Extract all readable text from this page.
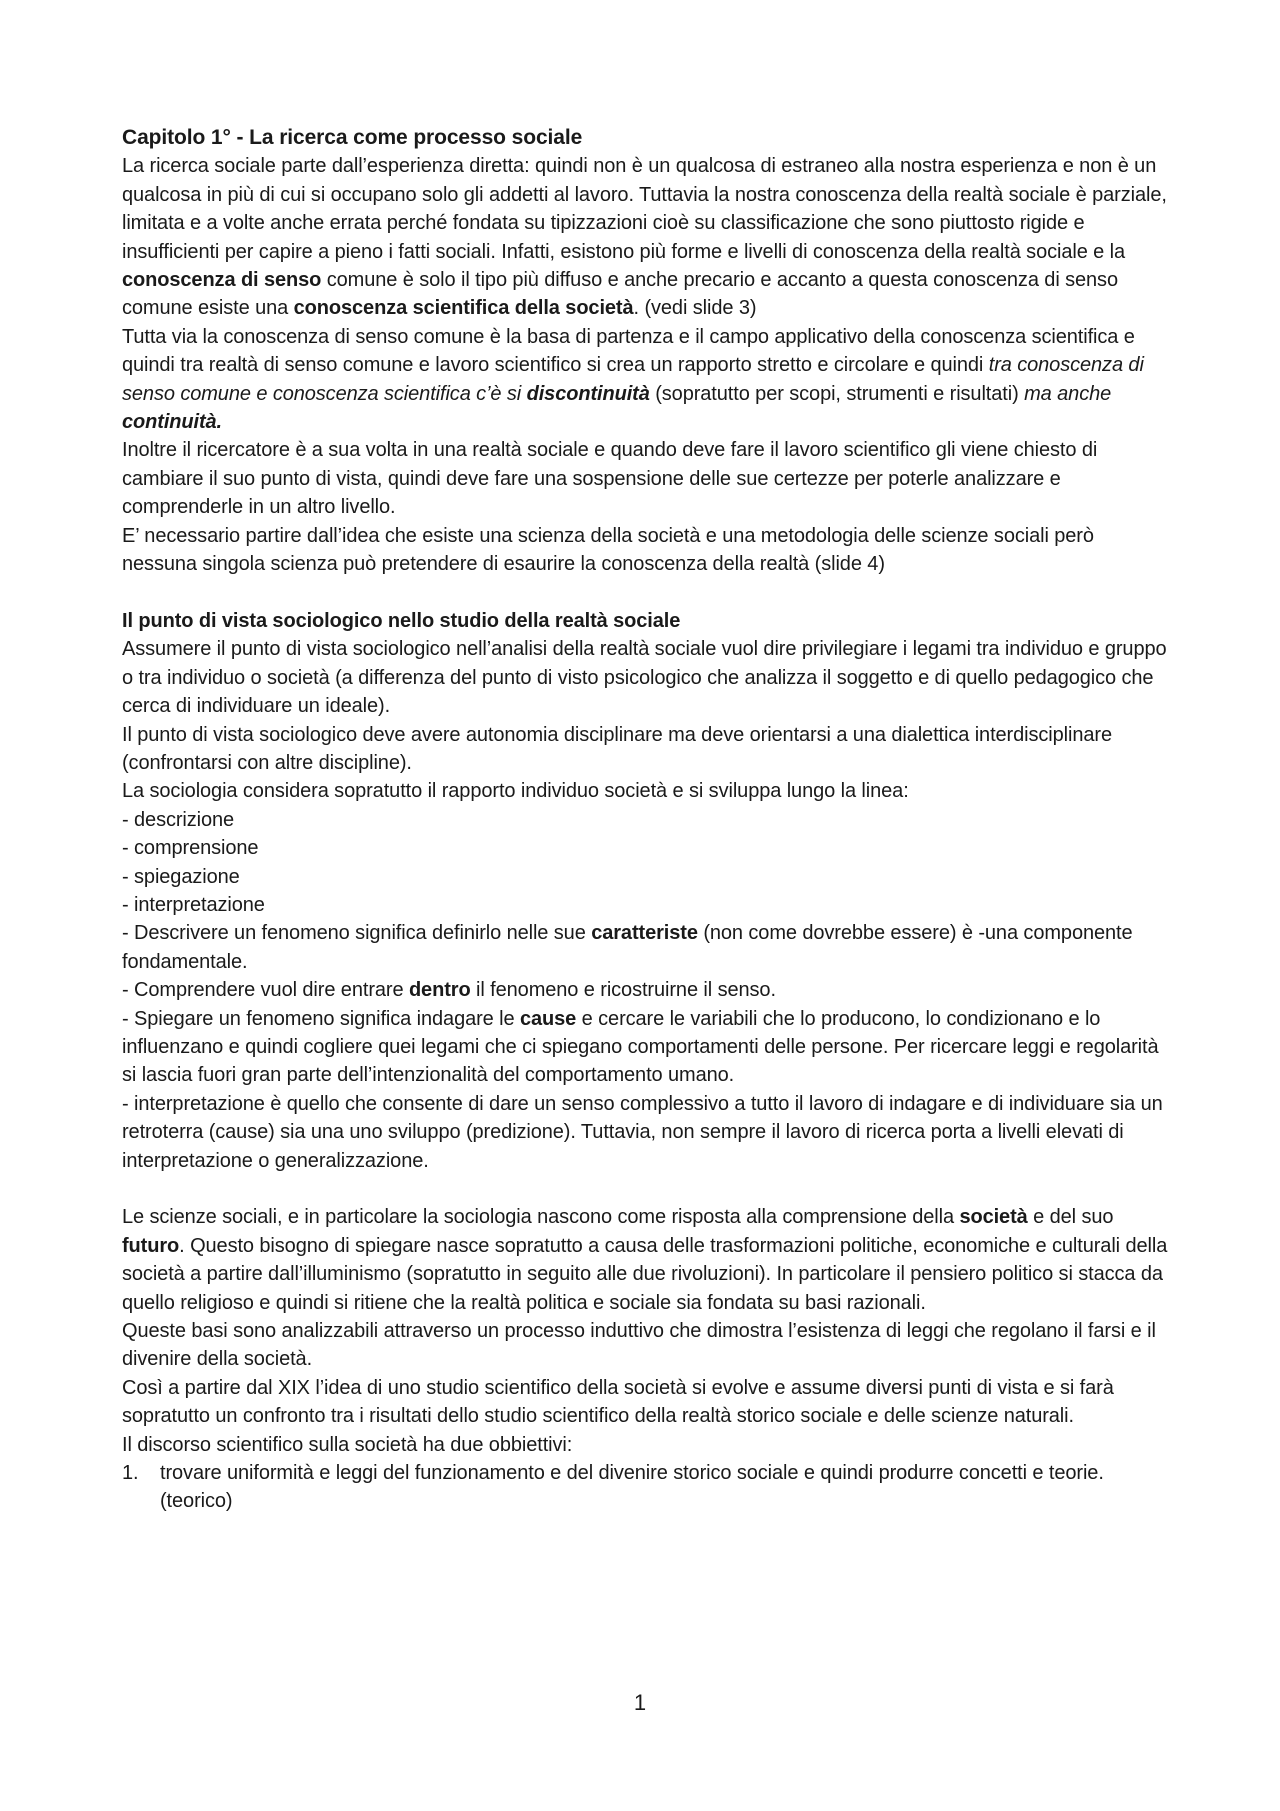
Capitolo 1° - La ricerca come processo sociale

La ricerca sociale parte dall’esperienza diretta: quindi non è un qualcosa di estraneo alla nostra esperienza e non è un qualcosa in più di cui si occupano solo gli addetti al lavoro. Tuttavia la nostra conoscenza della realtà sociale è parziale, limitata e a volte anche errata perché fondata su tipizzazioni cioè su classificazione che sono piuttosto rigide e insufficienti per capire a pieno i fatti sociali. Infatti, esistono più forme e livelli di conoscenza della realtà sociale e la conoscenza di senso comune è solo il tipo più diffuso e anche precario e accanto a questa conoscenza di senso comune esiste una conoscenza scientifica della società. (vedi slide 3)

Tutta via la conoscenza di senso comune è la basa di partenza e il campo applicativo della conoscenza scientifica e quindi tra realtà di senso comune e lavoro scientifico si crea un rapporto stretto e circolare e quindi tra conoscenza di senso comune e conoscenza scientifica c’è si discontinuità (sopratutto per scopi, strumenti e risultati) ma anche continuità.

Inoltre il ricercatore è a sua volta in una realtà sociale e quando deve fare il lavoro scientifico gli viene chiesto di cambiare il suo punto di vista, quindi deve fare una sospensione delle sue certezze per poterle analizzare e comprenderle in un altro livello.

E’ necessario partire dall’idea che esiste una scienza della società e una metodologia delle scienze sociali però nessuna singola scienza può pretendere di esaurire la conoscenza della realtà (slide 4)

Il punto di vista sociologico nello studio della realtà sociale

Assumere il punto di vista sociologico nell’analisi della realtà sociale vuol dire privilegiare i legami tra individuo e gruppo o tra individuo o società (a differenza del punto di visto psicologico che analizza il soggetto e di quello pedagogico che cerca di individuare un ideale).

Il punto di vista sociologico deve avere autonomia disciplinare ma deve orientarsi a una dialettica interdisciplinare (confrontarsi con altre discipline).

La sociologia considera sopratutto il rapporto individuo società e si sviluppa lungo la linea:

- descrizione

- comprensione

- spiegazione

- interpretazione

- Descrivere un fenomeno significa definirlo nelle sue caratteriste (non come dovrebbe essere) è -una componente fondamentale.

- Comprendere vuol dire entrare dentro il fenomeno e ricostruirne il senso.

- Spiegare un fenomeno significa indagare le cause e cercare le variabili che lo producono, lo condizionano e lo influenzano e quindi cogliere quei legami che ci spiegano comportamenti delle persone. Per ricercare leggi e regolarità si lascia fuori gran parte dell’intenzionalità del comportamento umano.

- interpretazione è quello che consente di dare un senso complessivo a tutto il lavoro di indagare e di individuare sia un retroterra (cause) sia una uno sviluppo (predizione). Tuttavia, non sempre il lavoro di ricerca porta a livelli elevati di interpretazione o generalizzazione.

Le scienze sociali, e in particolare la sociologia nascono come risposta alla comprensione della società e del suo futuro. Questo bisogno di spiegare nasce sopratutto a causa delle trasformazioni politiche, economiche e culturali della società a partire dall’illuminismo (sopratutto in seguito alle due rivoluzioni). In particolare il pensiero politico si stacca da quello religioso e quindi si ritiene che la realtà politica e sociale sia fondata su basi razionali.

Queste basi sono analizzabili attraverso un processo induttivo che dimostra l’esistenza di leggi che regolano il farsi e il divenire della società.

Così a partire dal XIX l’idea di uno studio scientifico della società si evolve e assume diversi punti di vista e si farà sopratutto un confronto tra i risultati dello studio scientifico della realtà storico sociale e delle scienze naturali.

Il discorso scientifico sulla società ha due obbiettivi:

1.	trovare uniformità e leggi del funzionamento e del divenire storico sociale e quindi produrre concetti e teorie. (teorico)
1
